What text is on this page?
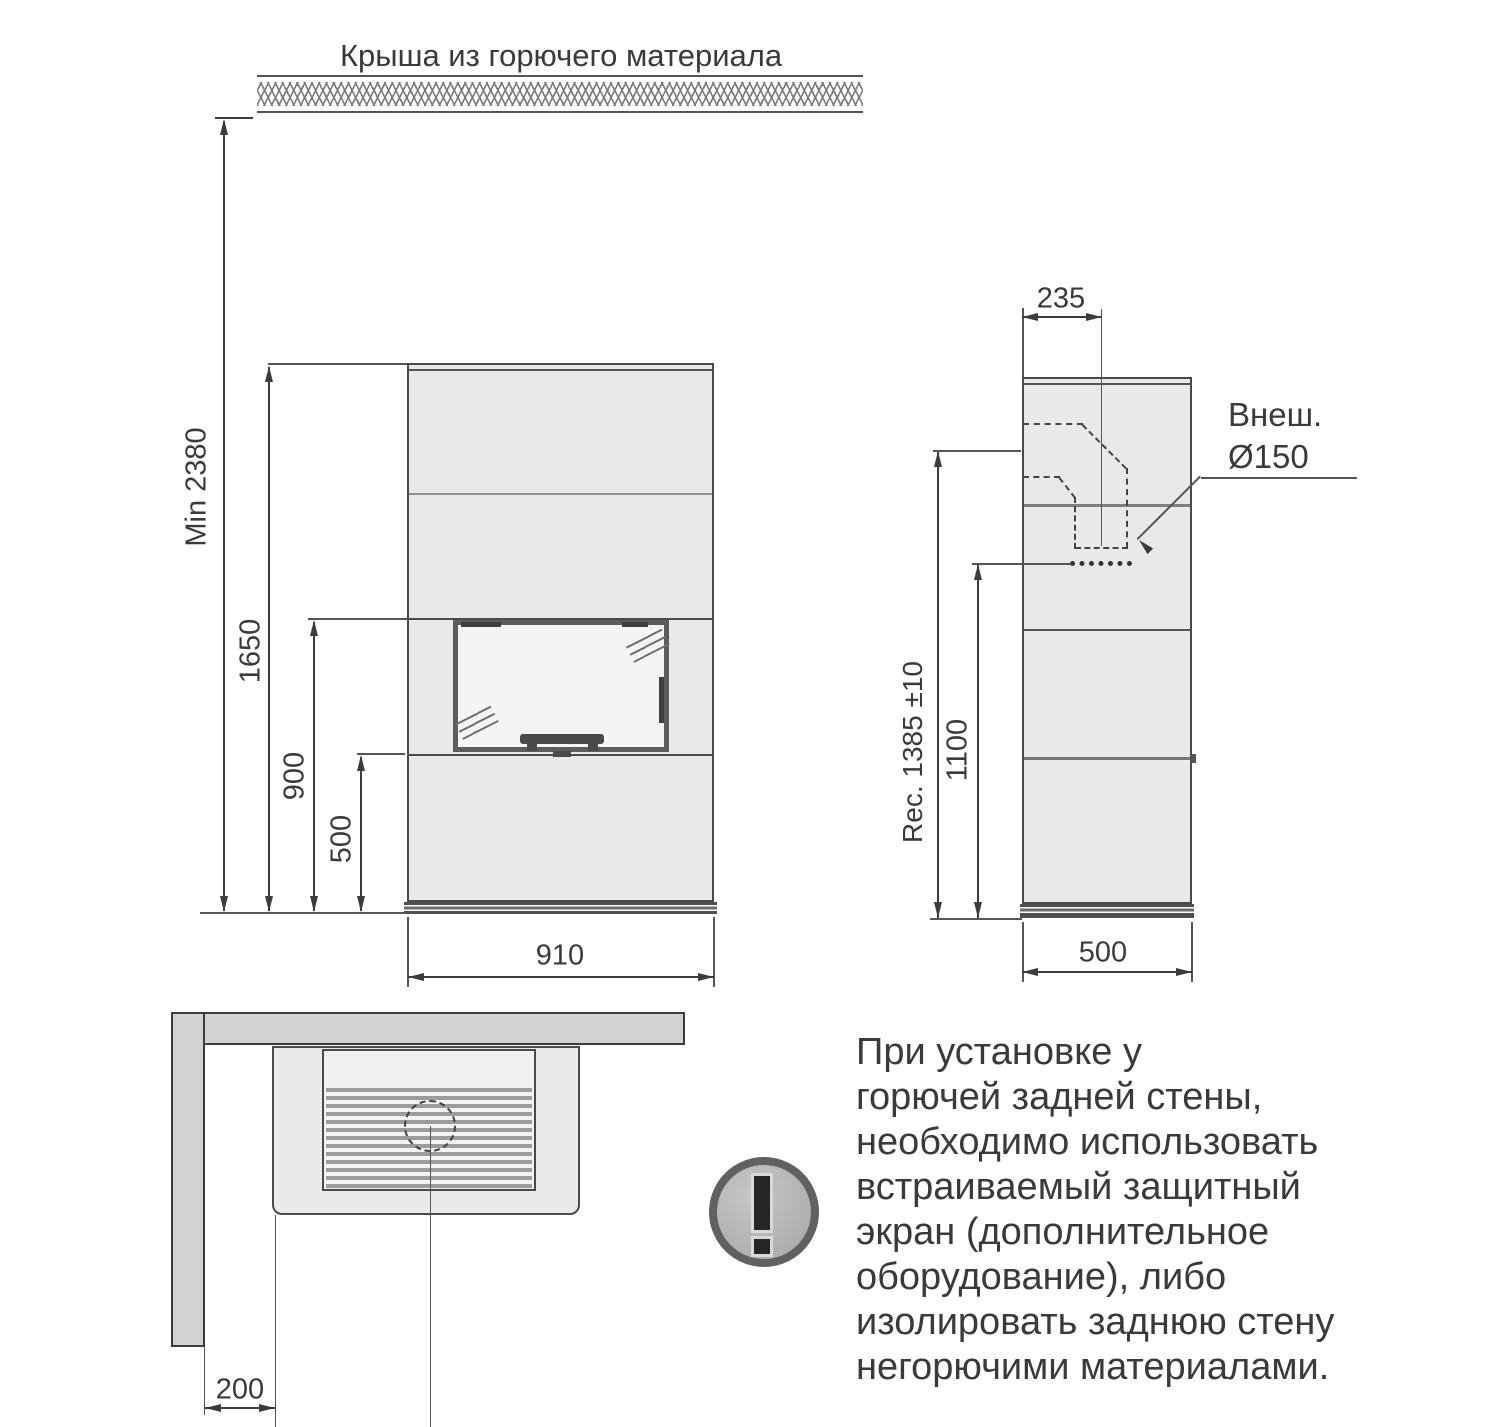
Крыша из горючего материала
Min 2380
1650
900
500
910
235
Rec. 1385 ±10 1100
500
Внеш.
Ø150
200
При установке у
горючей задней стены,
необходимо использовать
встраиваемый защитный
экран (дополнительное
оборудование), либо
изолировать заднюю стену
негорючими материалами.
